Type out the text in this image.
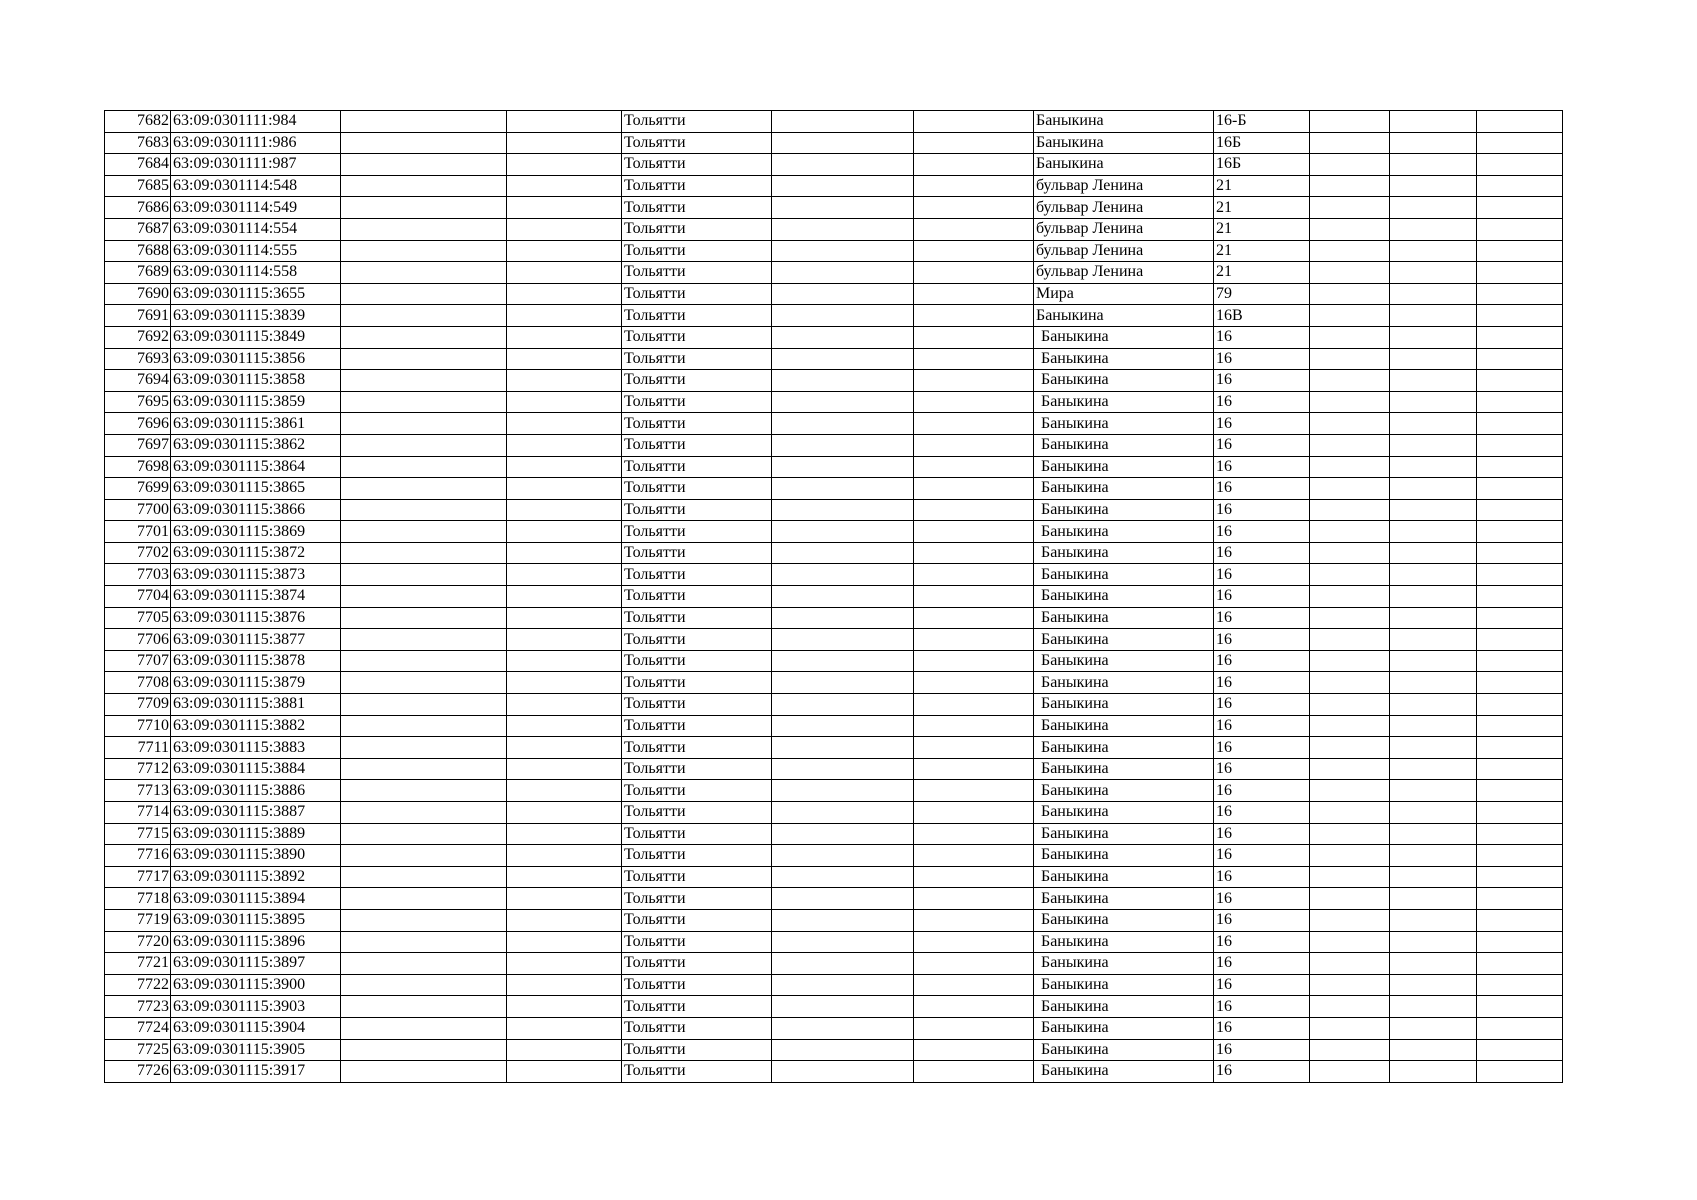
7682	63:09:0301111:984			Тольятти			Баныкина	16-Б			
7683	63:09:0301111:986			Тольятти			Баныкина	16Б			
7684	63:09:0301111:987			Тольятти			Баныкина	16Б			
7685	63:09:0301114:548			Тольятти			бульвар Ленина	21			
7686	63:09:0301114:549			Тольятти			бульвар Ленина	21			
7687	63:09:0301114:554			Тольятти			бульвар Ленина	21			
7688	63:09:0301114:555			Тольятти			бульвар Ленина	21			
7689	63:09:0301114:558			Тольятти			бульвар Ленина	21			
7690	63:09:0301115:3655			Тольятти			Мира	79			
7691	63:09:0301115:3839			Тольятти			Баныкина	16В			
7692	63:09:0301115:3849			Тольятти			Баныкина	16			
7693	63:09:0301115:3856			Тольятти			Баныкина	16			
7694	63:09:0301115:3858			Тольятти			Баныкина	16			
7695	63:09:0301115:3859			Тольятти			Баныкина	16			
7696	63:09:0301115:3861			Тольятти			Баныкина	16			
7697	63:09:0301115:3862			Тольятти			Баныкина	16			
7698	63:09:0301115:3864			Тольятти			Баныкина	16			
7699	63:09:0301115:3865			Тольятти			Баныкина	16			
7700	63:09:0301115:3866			Тольятти			Баныкина	16			
7701	63:09:0301115:3869			Тольятти			Баныкина	16			
7702	63:09:0301115:3872			Тольятти			Баныкина	16			
7703	63:09:0301115:3873			Тольятти			Баныкина	16			
7704	63:09:0301115:3874			Тольятти			Баныкина	16			
7705	63:09:0301115:3876			Тольятти			Баныкина	16			
7706	63:09:0301115:3877			Тольятти			Баныкина	16			
7707	63:09:0301115:3878			Тольятти			Баныкина	16			
7708	63:09:0301115:3879			Тольятти			Баныкина	16			
7709	63:09:0301115:3881			Тольятти			Баныкина	16			
7710	63:09:0301115:3882			Тольятти			Баныкина	16			
7711	63:09:0301115:3883			Тольятти			Баныкина	16			
7712	63:09:0301115:3884			Тольятти			Баныкина	16			
7713	63:09:0301115:3886			Тольятти			Баныкина	16			
7714	63:09:0301115:3887			Тольятти			Баныкина	16			
7715	63:09:0301115:3889			Тольятти			Баныкина	16			
7716	63:09:0301115:3890			Тольятти			Баныкина	16			
7717	63:09:0301115:3892			Тольятти			Баныкина	16			
7718	63:09:0301115:3894			Тольятти			Баныкина	16			
7719	63:09:0301115:3895			Тольятти			Баныкина	16			
7720	63:09:0301115:3896			Тольятти			Баныкина	16			
7721	63:09:0301115:3897			Тольятти			Баныкина	16			
7722	63:09:0301115:3900			Тольятти			Баныкина	16			
7723	63:09:0301115:3903			Тольятти			Баныкина	16			
7724	63:09:0301115:3904			Тольятти			Баныкина	16			
7725	63:09:0301115:3905			Тольятти			Баныкина	16			
7726	63:09:0301115:3917			Тольятти			Баныкина	16			
